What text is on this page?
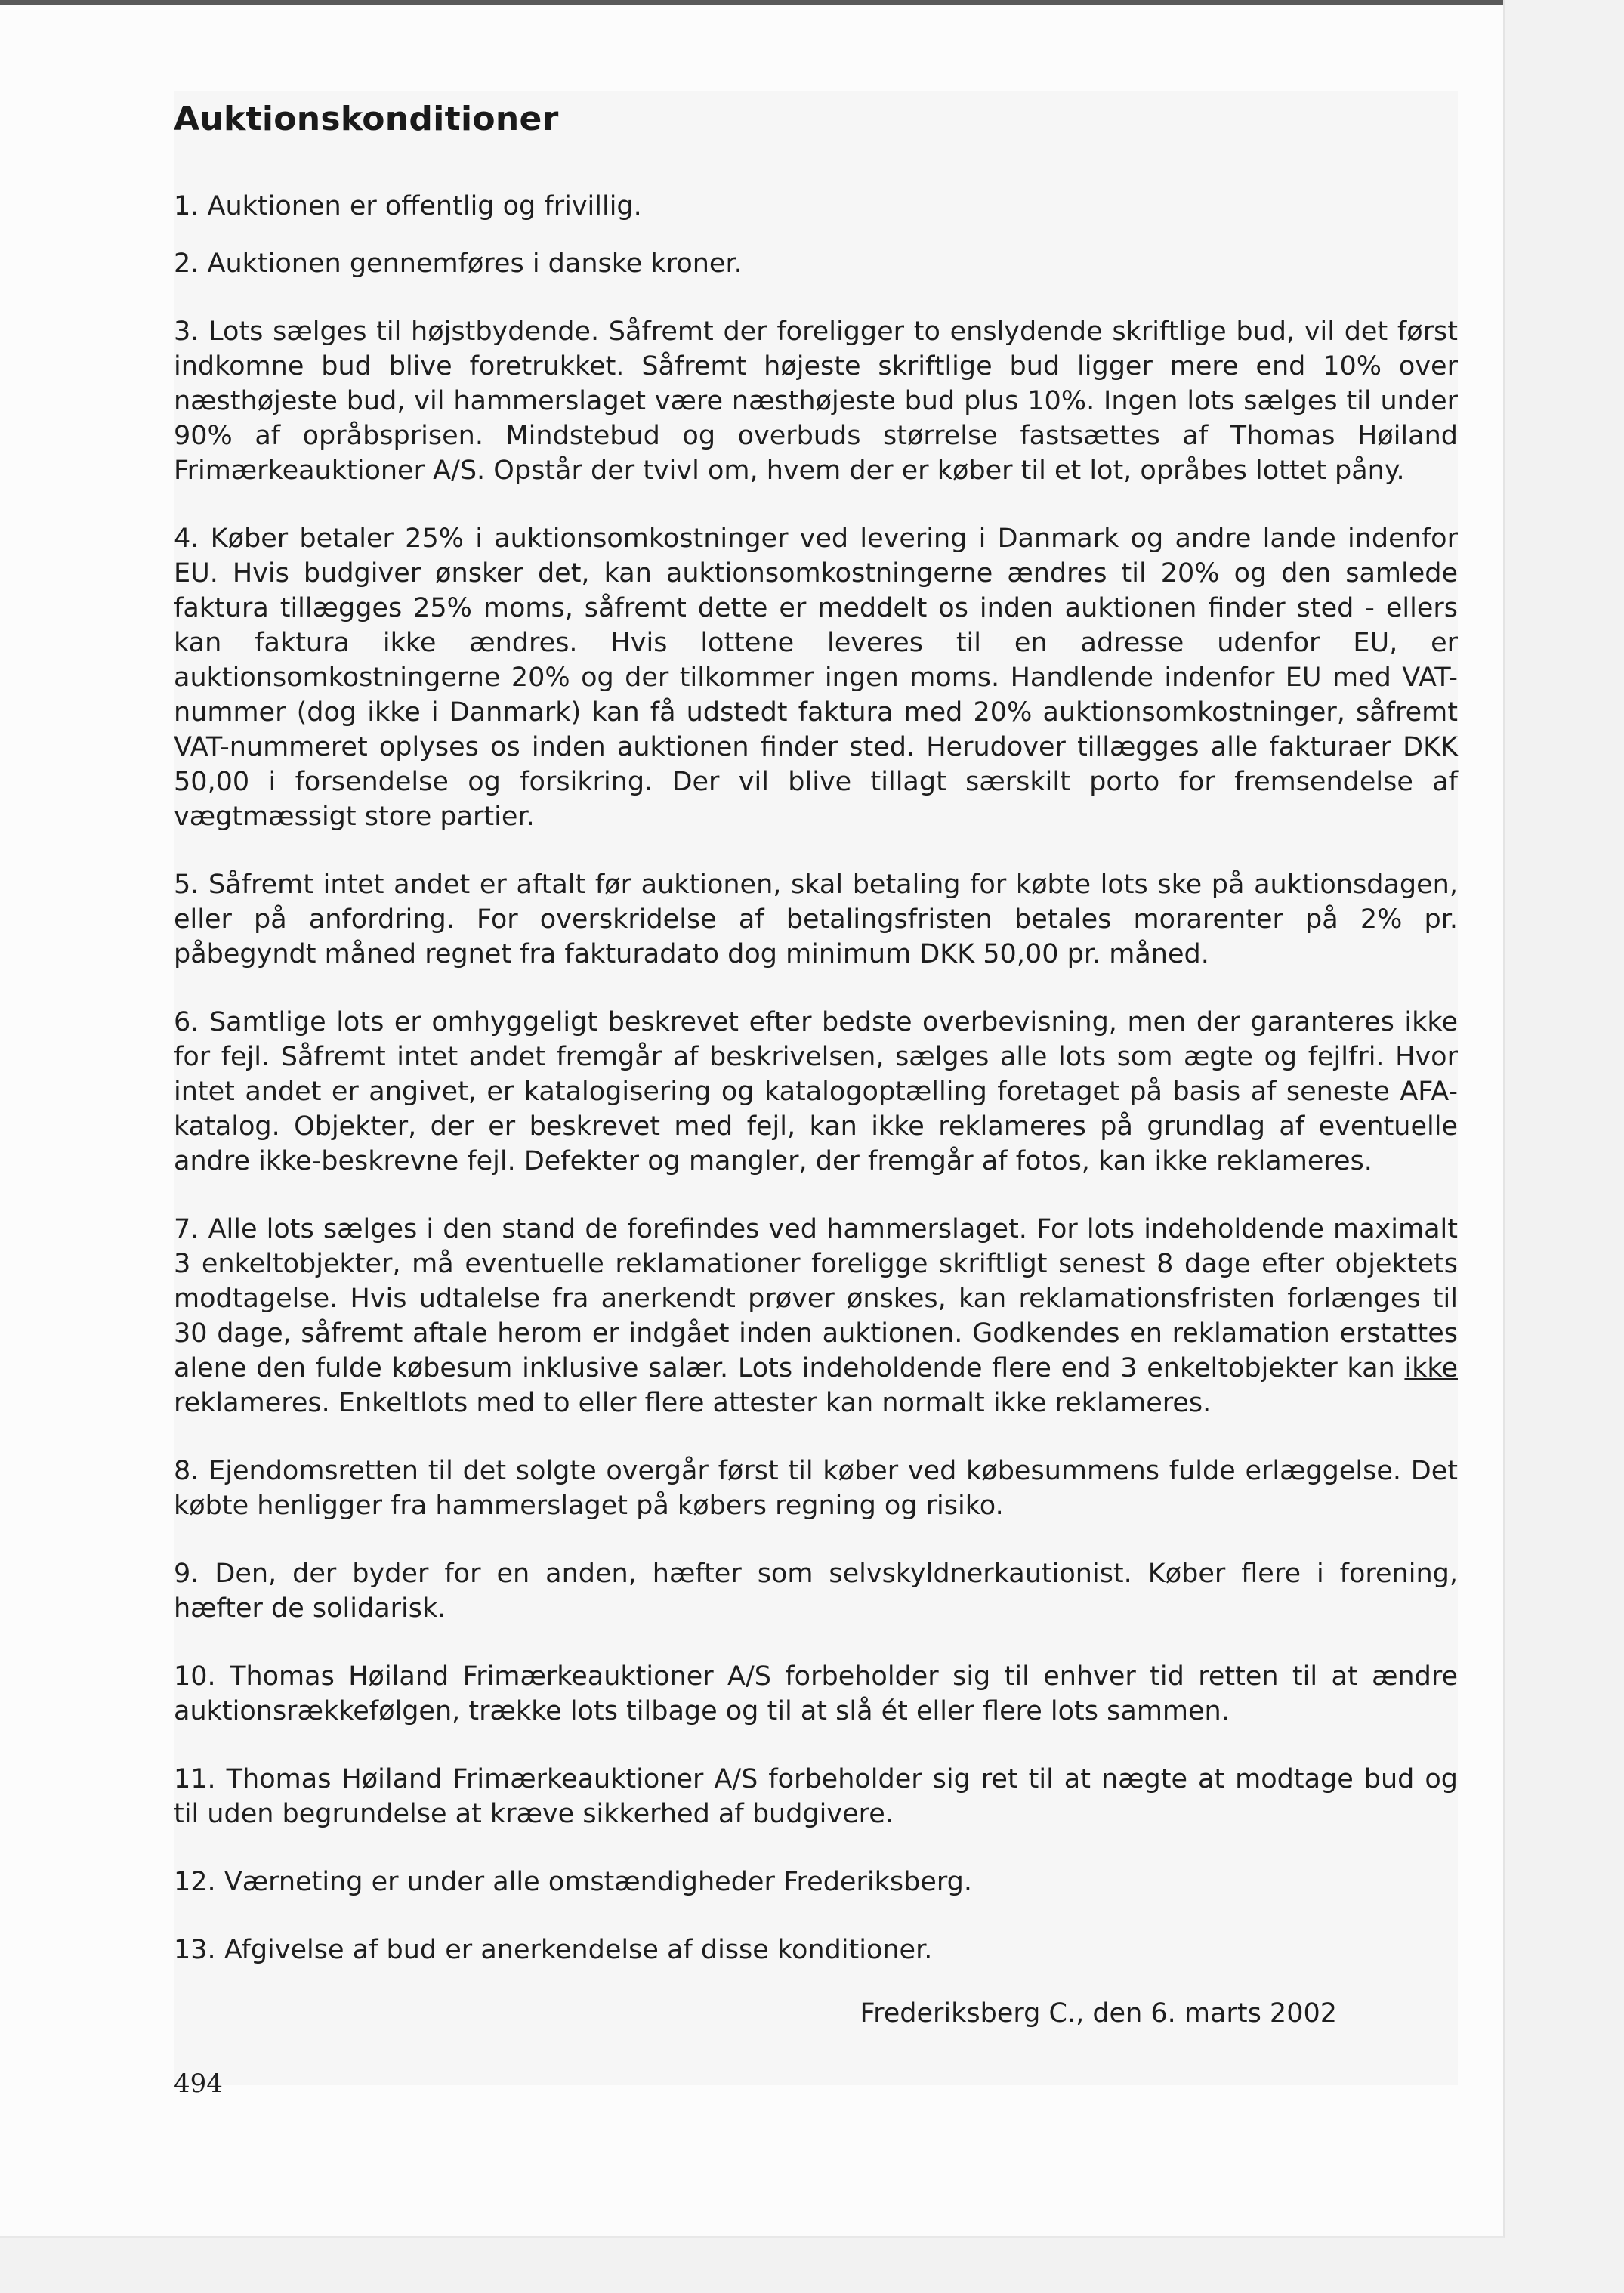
Auktionskonditioner

1. Auktionen er offentlig og frivillig.

2. Auktionen gennemføres i danske kroner.

3. Lots sælges til højstbydende. Såfremt der foreligger to enslydende skriftlige bud, vil det først indkomne bud blive foretrukket. Såfremt højeste skriftlige bud ligger mere end 10% over næsthøjeste bud, vil hammerslaget være næsthøjeste bud plus 10%. Ingen lots sælges til under 90% af opråbsprisen. Mindstebud og overbuds størrelse fastsættes af Thomas Høiland Frimærkeauktioner A/S. Opstår der tvivl om, hvem der er køber til et lot, opråbes lottet påny.

4. Køber betaler 25% i auktionsomkostninger ved levering i Danmark og andre lande indenfor EU. Hvis budgiver ønsker det, kan auktionsomkostningerne ændres til 20% og den samlede faktura tillægges 25% moms, såfremt dette er meddelt os inden auktionen finder sted - ellers kan faktura ikke ændres. Hvis lottene leveres til en adresse udenfor EU, er auktionsomkostningerne 20% og der tilkommer ingen moms. Handlende indenfor EU med VAT-nummer (dog ikke i Danmark) kan få udstedt faktura med 20% auktionsomkostninger, såfremt VAT-nummeret oplyses os inden auktionen finder sted. Herudover tillægges alle fakturaer DKK 50,00 i forsendelse og forsikring. Der vil blive tillagt særskilt porto for fremsendelse af vægtmæssigt store partier.

5. Såfremt intet andet er aftalt før auktionen, skal betaling for købte lots ske på auktionsdagen, eller på anfordring. For overskridelse af betalingsfristen betales morarenter på 2% pr. påbegyndt måned regnet fra fakturadato dog minimum DKK 50,00 pr. måned.

6. Samtlige lots er omhyggeligt beskrevet efter bedste overbevisning, men der garanteres ikke for fejl. Såfremt intet andet fremgår af beskrivelsen, sælges alle lots som ægte og fejlfri. Hvor intet andet er angivet, er katalogisering og katalogoptælling foretaget på basis af seneste AFA-katalog. Objekter, der er beskrevet med fejl, kan ikke reklameres på grundlag af eventuelle andre ikke-beskrevne fejl. Defekter og mangler, der fremgår af fotos, kan ikke reklameres.

7. Alle lots sælges i den stand de forefindes ved hammerslaget. For lots indeholdende maximalt 3 enkeltobjekter, må eventuelle reklamationer foreligge skriftligt senest 8 dage efter objektets modtagelse. Hvis udtalelse fra anerkendt prøver ønskes, kan reklamationsfristen forlænges til 30 dage, såfremt aftale herom er indgået inden auktionen. Godkendes en reklamation erstattes alene den fulde købesum inklusive salær. Lots indeholdende flere end 3 enkeltobjekter kan ikke reklameres. Enkeltlots med to eller flere attester kan normalt ikke reklameres.

8. Ejendomsretten til det solgte overgår først til køber ved købesummens fulde erlæggelse. Det købte henligger fra hammerslaget på købers regning og risiko.

9. Den, der byder for en anden, hæfter som selvskyldnerkautionist. Køber flere i forening, hæfter de solidarisk.

10. Thomas Høiland Frimærkeauktioner A/S forbeholder sig til enhver tid retten til at ændre auktionsrækkefølgen, trække lots tilbage og til at slå ét eller flere lots sammen.

11. Thomas Høiland Frimærkeauktioner A/S forbeholder sig ret til at nægte at modtage bud og til uden begrundelse at kræve sikkerhed af budgivere.

12. Værneting er under alle omstændigheder Frederiksberg.

13. Afgivelse af bud er anerkendelse af disse konditioner.

Frederiksberg C., den 6. marts 2002
494
